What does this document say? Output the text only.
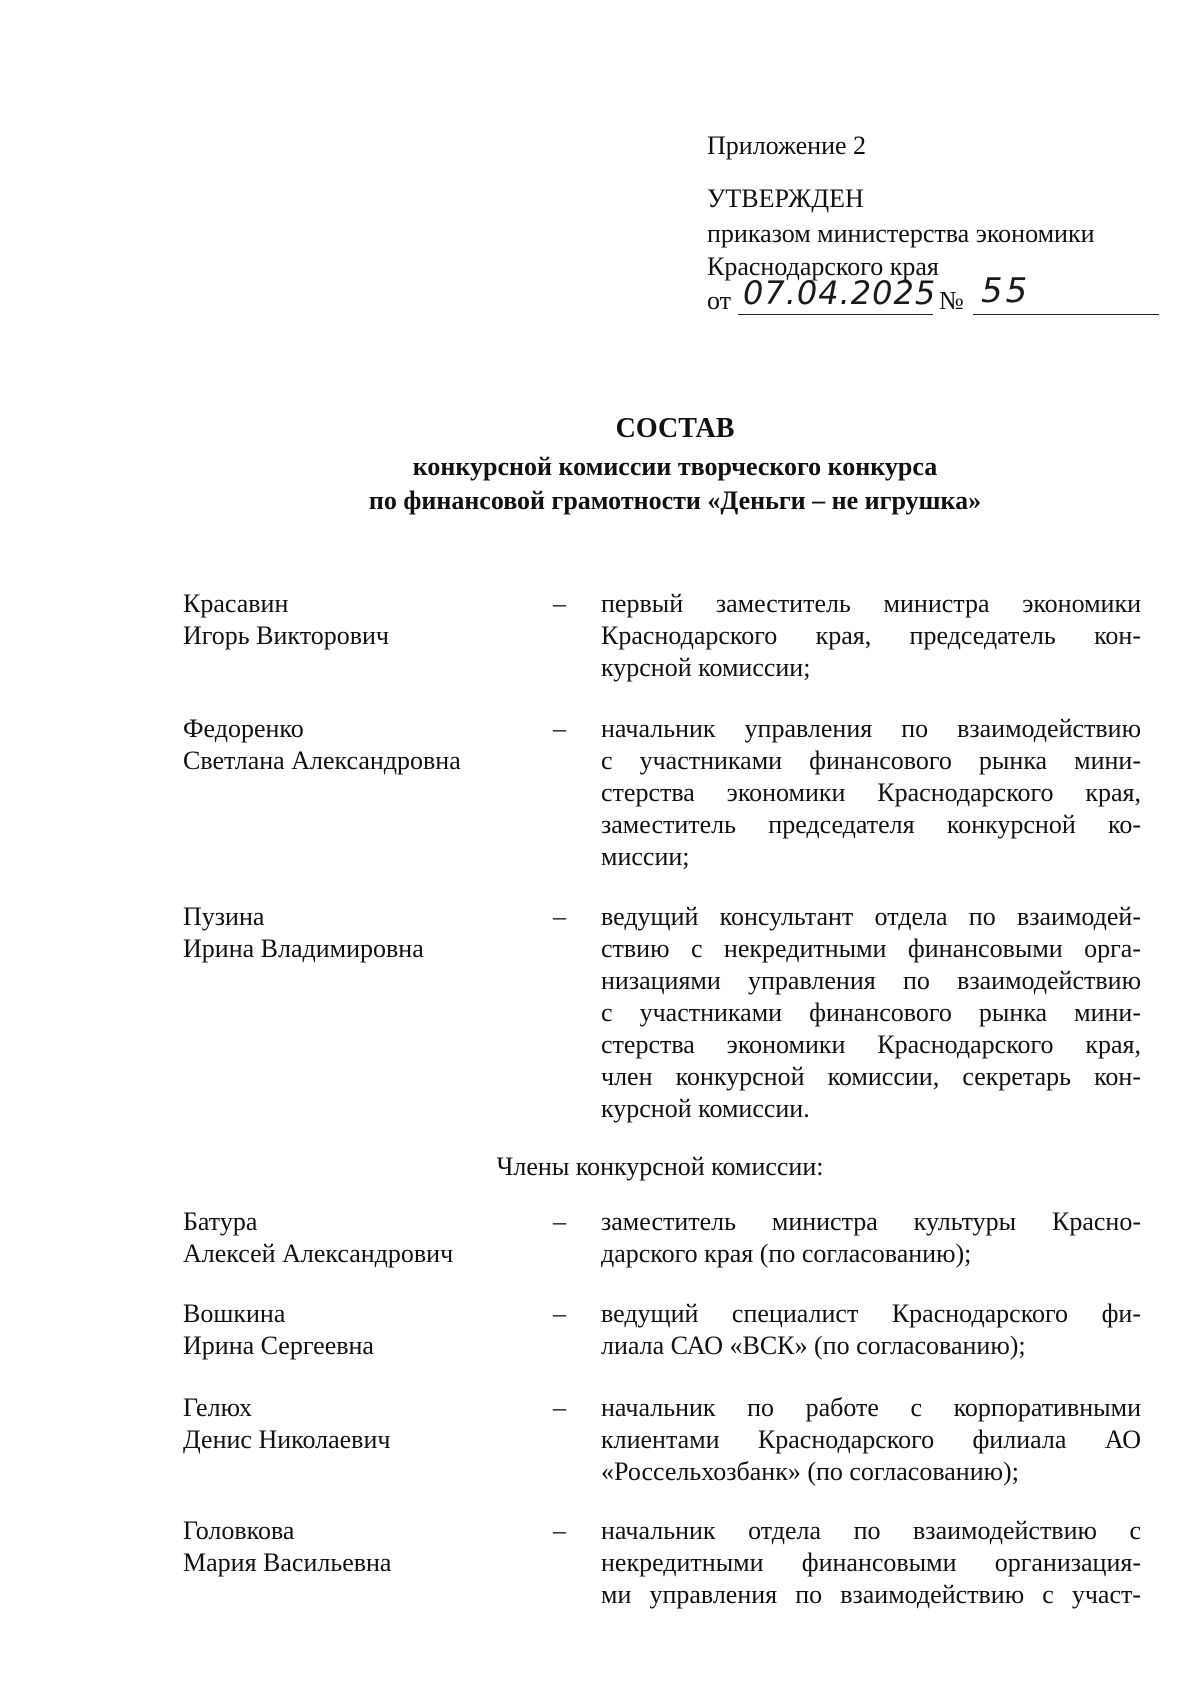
Приложение 2
УТВЕРЖДЕН
приказом министерства экономики
Краснодарского края
от 07.04.2025 № 55
СОСТАВ
конкурсной комиссии творческого конкурса
по финансовой грамотности «Деньги – не игрушка»
Красавин
Игорь Викторович
– первый заместитель министра экономики
Краснодарского края, председатель кон-
курсной комиссии;
Федоренко
Светлана Александровна
– начальник управления по взаимодействию
с участниками финансового рынка мини-
стерства экономики Краснодарского края,
заместитель председателя конкурсной ко-
миссии;
Пузина
Ирина Владимировна
– ведущий консультант отдела по взаимодей-
ствию с некредитными финансовыми орга-
низациями управления по взаимодействию
с участниками финансового рынка мини-
стерства экономики Краснодарского края,
член конкурсной комиссии, секретарь кон-
курсной комиссии.
Члены конкурсной комиссии:
Батура
Алексей Александрович
– заместитель министра культуры Красно-
дарского края (по согласованию);
Вошкина
Ирина Сергеевна
– ведущий специалист Краснодарского фи-
лиала САО «ВСК» (по согласованию);
Гелюх
Денис Николаевич
– начальник по работе с корпоративными
клиентами Краснодарского филиала АО
«Россельхозбанк» (по согласованию);
Головкова
Мария Васильевна
– начальник отдела по взаимодействию с
некредитными финансовыми организация-
ми управления по взаимодействию с участ-
